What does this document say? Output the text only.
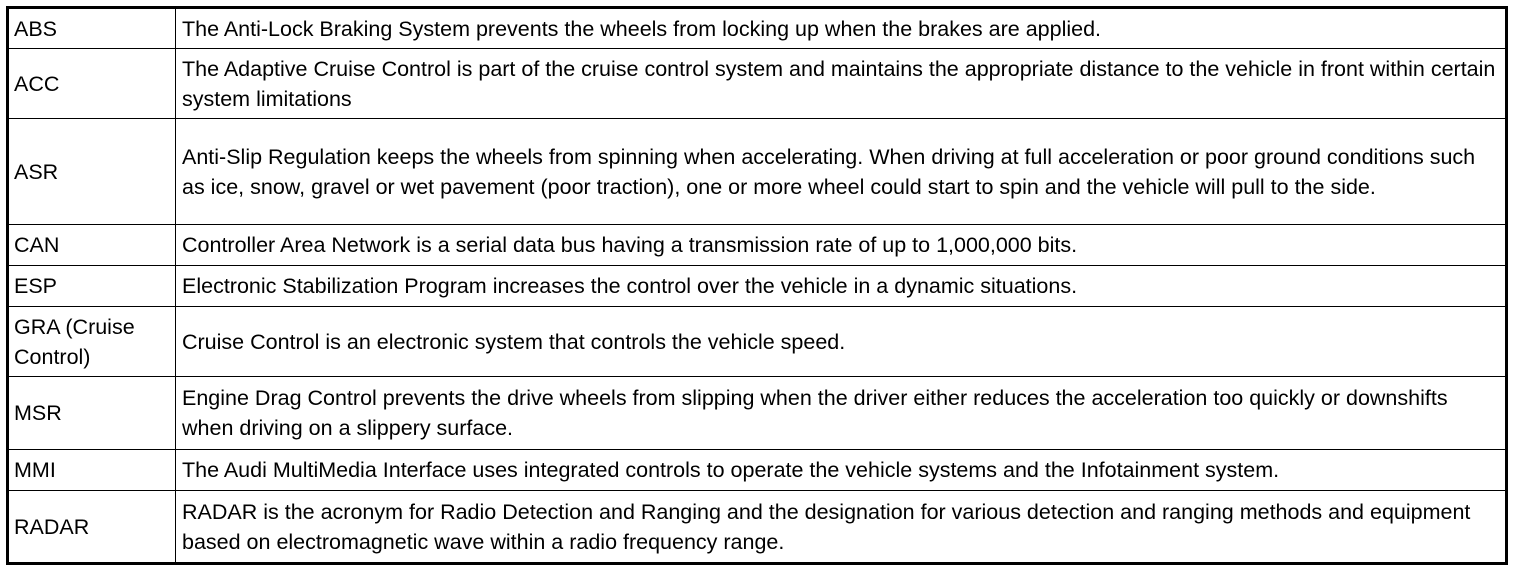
ABS	The Anti-Lock Braking System prevents the wheels from locking up when the brakes are applied.
ACC	The Adaptive Cruise Control is part of the cruise control system and maintains the appropriate distance to the vehicle in front within certain system limitations
ASR	Anti-Slip Regulation keeps the wheels from spinning when accelerating. When driving at full acceleration or poor ground conditions such as ice, snow, gravel or wet pavement (poor traction), one or more wheel could start to spin and the vehicle will pull to the side.
CAN	Controller Area Network is a serial data bus having a transmission rate of up to 1,000,000 bits.
ESP	Electronic Stabilization Program increases the control over the vehicle in a dynamic situations.
GRA (Cruise Control)	Cruise Control is an electronic system that controls the vehicle speed.
MSR	Engine Drag Control prevents the drive wheels from slipping when the driver either reduces the acceleration too quickly or downshifts when driving on a slippery surface.
MMI	The Audi MultiMedia Interface uses integrated controls to operate the vehicle systems and the Infotainment system.
RADAR	RADAR is the acronym for Radio Detection and Ranging and the designation for various detection and ranging methods and equipment based on electromagnetic wave within a radio frequency range.
